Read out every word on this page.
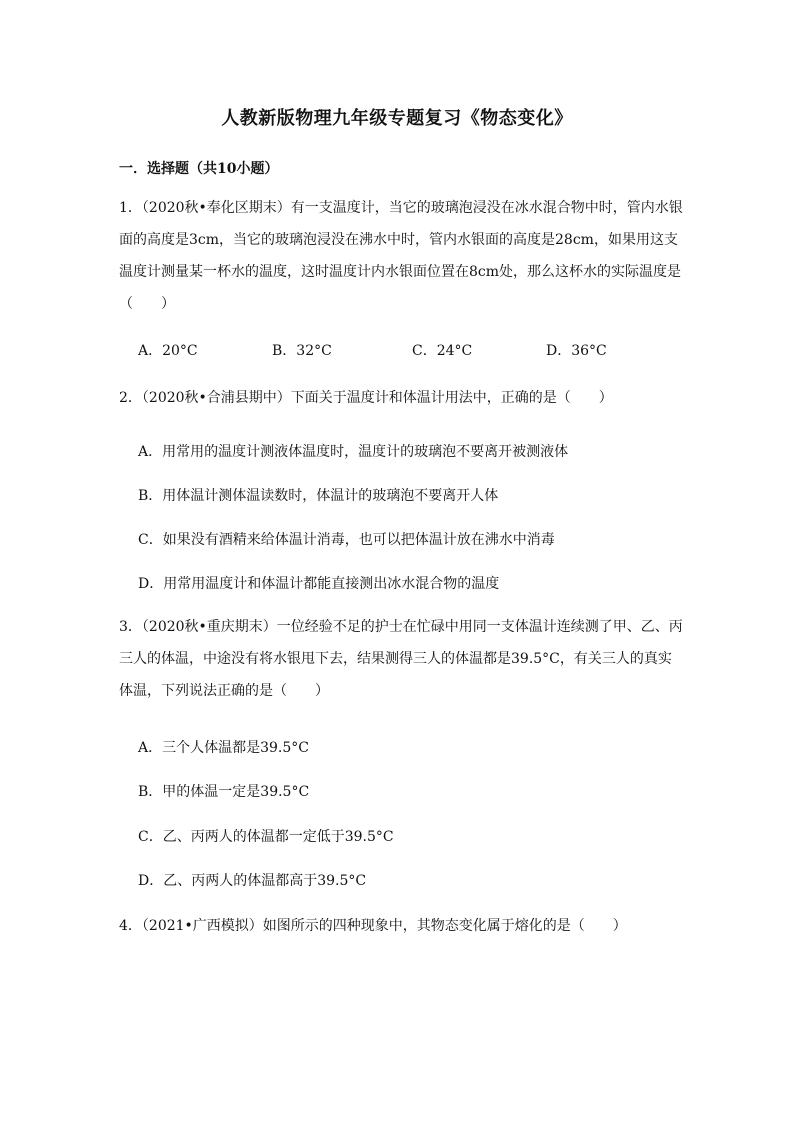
人教新版物理九年级专题复习《物态变化》
一．选择题（共10小题）
1．（2020秋•奉化区期末）有一支温度计，当它的玻璃泡浸没在冰水混合物中时，管内水银
面的高度是3cm，当它的玻璃泡浸没在沸水中时，管内水银面的高度是28cm，如果用这支
温度计测量某一杯水的温度，这时温度计内水银面位置在8cm处，那么这杯水的实际温度是
（　　）
A．20°C	B．32°C	C．24°C	D．36°C
2．（2020秋•合浦县期中）下面关于温度计和体温计用法中，正确的是（　　）
A．用常用的温度计测液体温度时，温度计的玻璃泡不要离开被测液体
B．用体温计测体温读数时，体温计的玻璃泡不要离开人体
C．如果没有酒精来给体温计消毒，也可以把体温计放在沸水中消毒
D．用常用温度计和体温计都能直接测出冰水混合物的温度
3．（2020秋•重庆期末）一位经验不足的护士在忙碌中用同一支体温计连续测了甲、乙、丙
三人的体温，中途没有将水银甩下去，结果测得三人的体温都是39.5°C，有关三人的真实
体温，下列说法正确的是（　　）
A．三个人体温都是39.5°C
B．甲的体温一定是39.5°C
C．乙、丙两人的体温都一定低于39.5°C
D．乙、丙两人的体温都高于39.5°C
4．（2021•广西模拟）如图所示的四种现象中，其物态变化属于熔化的是（　　）
